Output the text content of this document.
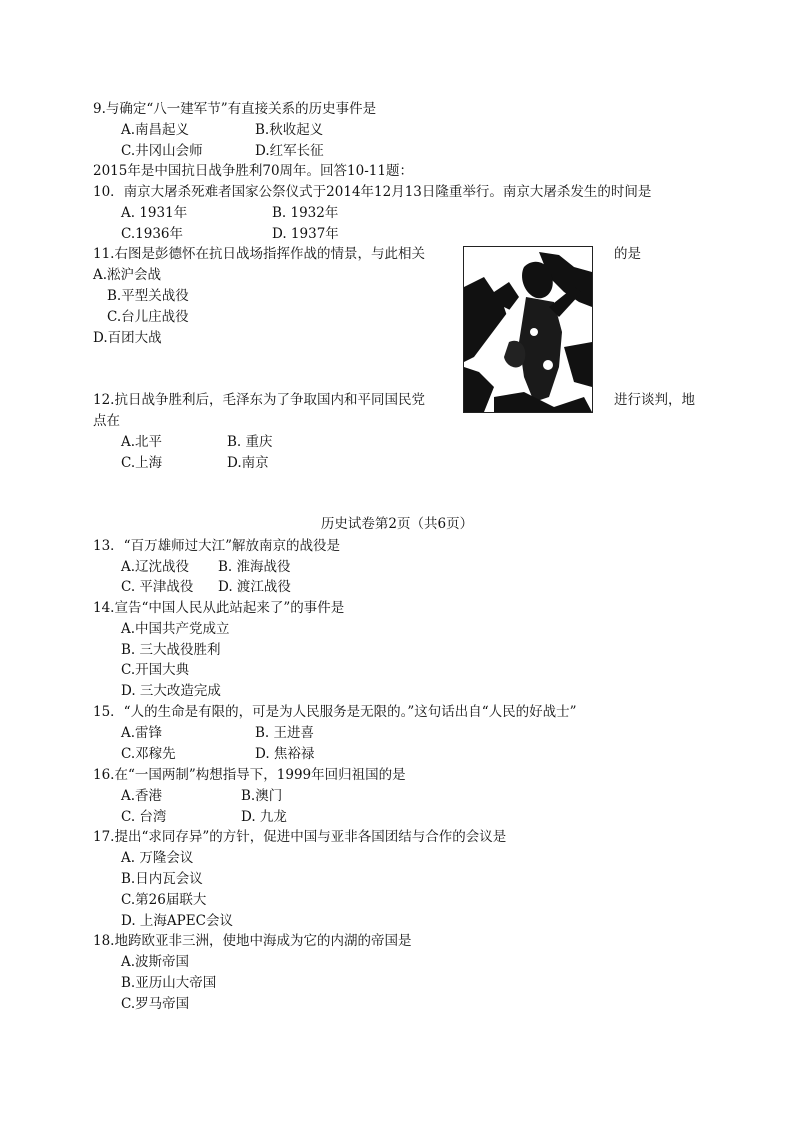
9.与确定“八一建军节”有直接关系的历史事件是
A.南昌起义	B.秋收起义
C.井冈山会师	D.红军长征
2015年是中国抗日战争胜利70周年。回答10-11题：
10．南京大屠杀死难者国家公祭仪式于2014年12月13日隆重举行。南京大屠杀发生的时间是
A. 1931年	B. 1932年
C.1936年	D. 1937年
11.右图是彭德怀在抗日战场指挥作战的情景，与此相关	的是
A.淞沪会战
B.平型关战役
C.台儿庄战役
D.百团大战
12.抗日战争胜利后，毛泽东为了争取国内和平同国民党	进行谈判，地
点在
A.北平	B. 重庆
C.上海	D.南京
历史试卷第2页（共6页）
13．“百万雄师过大江”解放南京的战役是
A.辽沈战役 B. 淮海战役
C. 平津战役 D. 渡江战役
14.宣告“中国人民从此站起来了”的事件是
A.中国共产党成立
B. 三大战役胜利
C.开国大典
D. 三大改造完成
15．“人的生命是有限的，可是为人民服务是无限的。”这句话出自“人民的好战士”
A.雷锋	B. 王进喜
C.邓稼先	D. 焦裕禄
16.在“一国两制”构想指导下，1999年回归祖国的是
A.香港	B.澳门
C. 台湾	D. 九龙
17.提出“求同存异”的方针，促进中国与亚非各国团结与合作的会议是
A. 万隆会议
B.日内瓦会议
C.第26届联大
D. 上海APEC会议
18.地跨欧亚非三洲，使地中海成为它的内湖的帝国是
A.波斯帝国
B.亚历山大帝国
C.罗马帝国
